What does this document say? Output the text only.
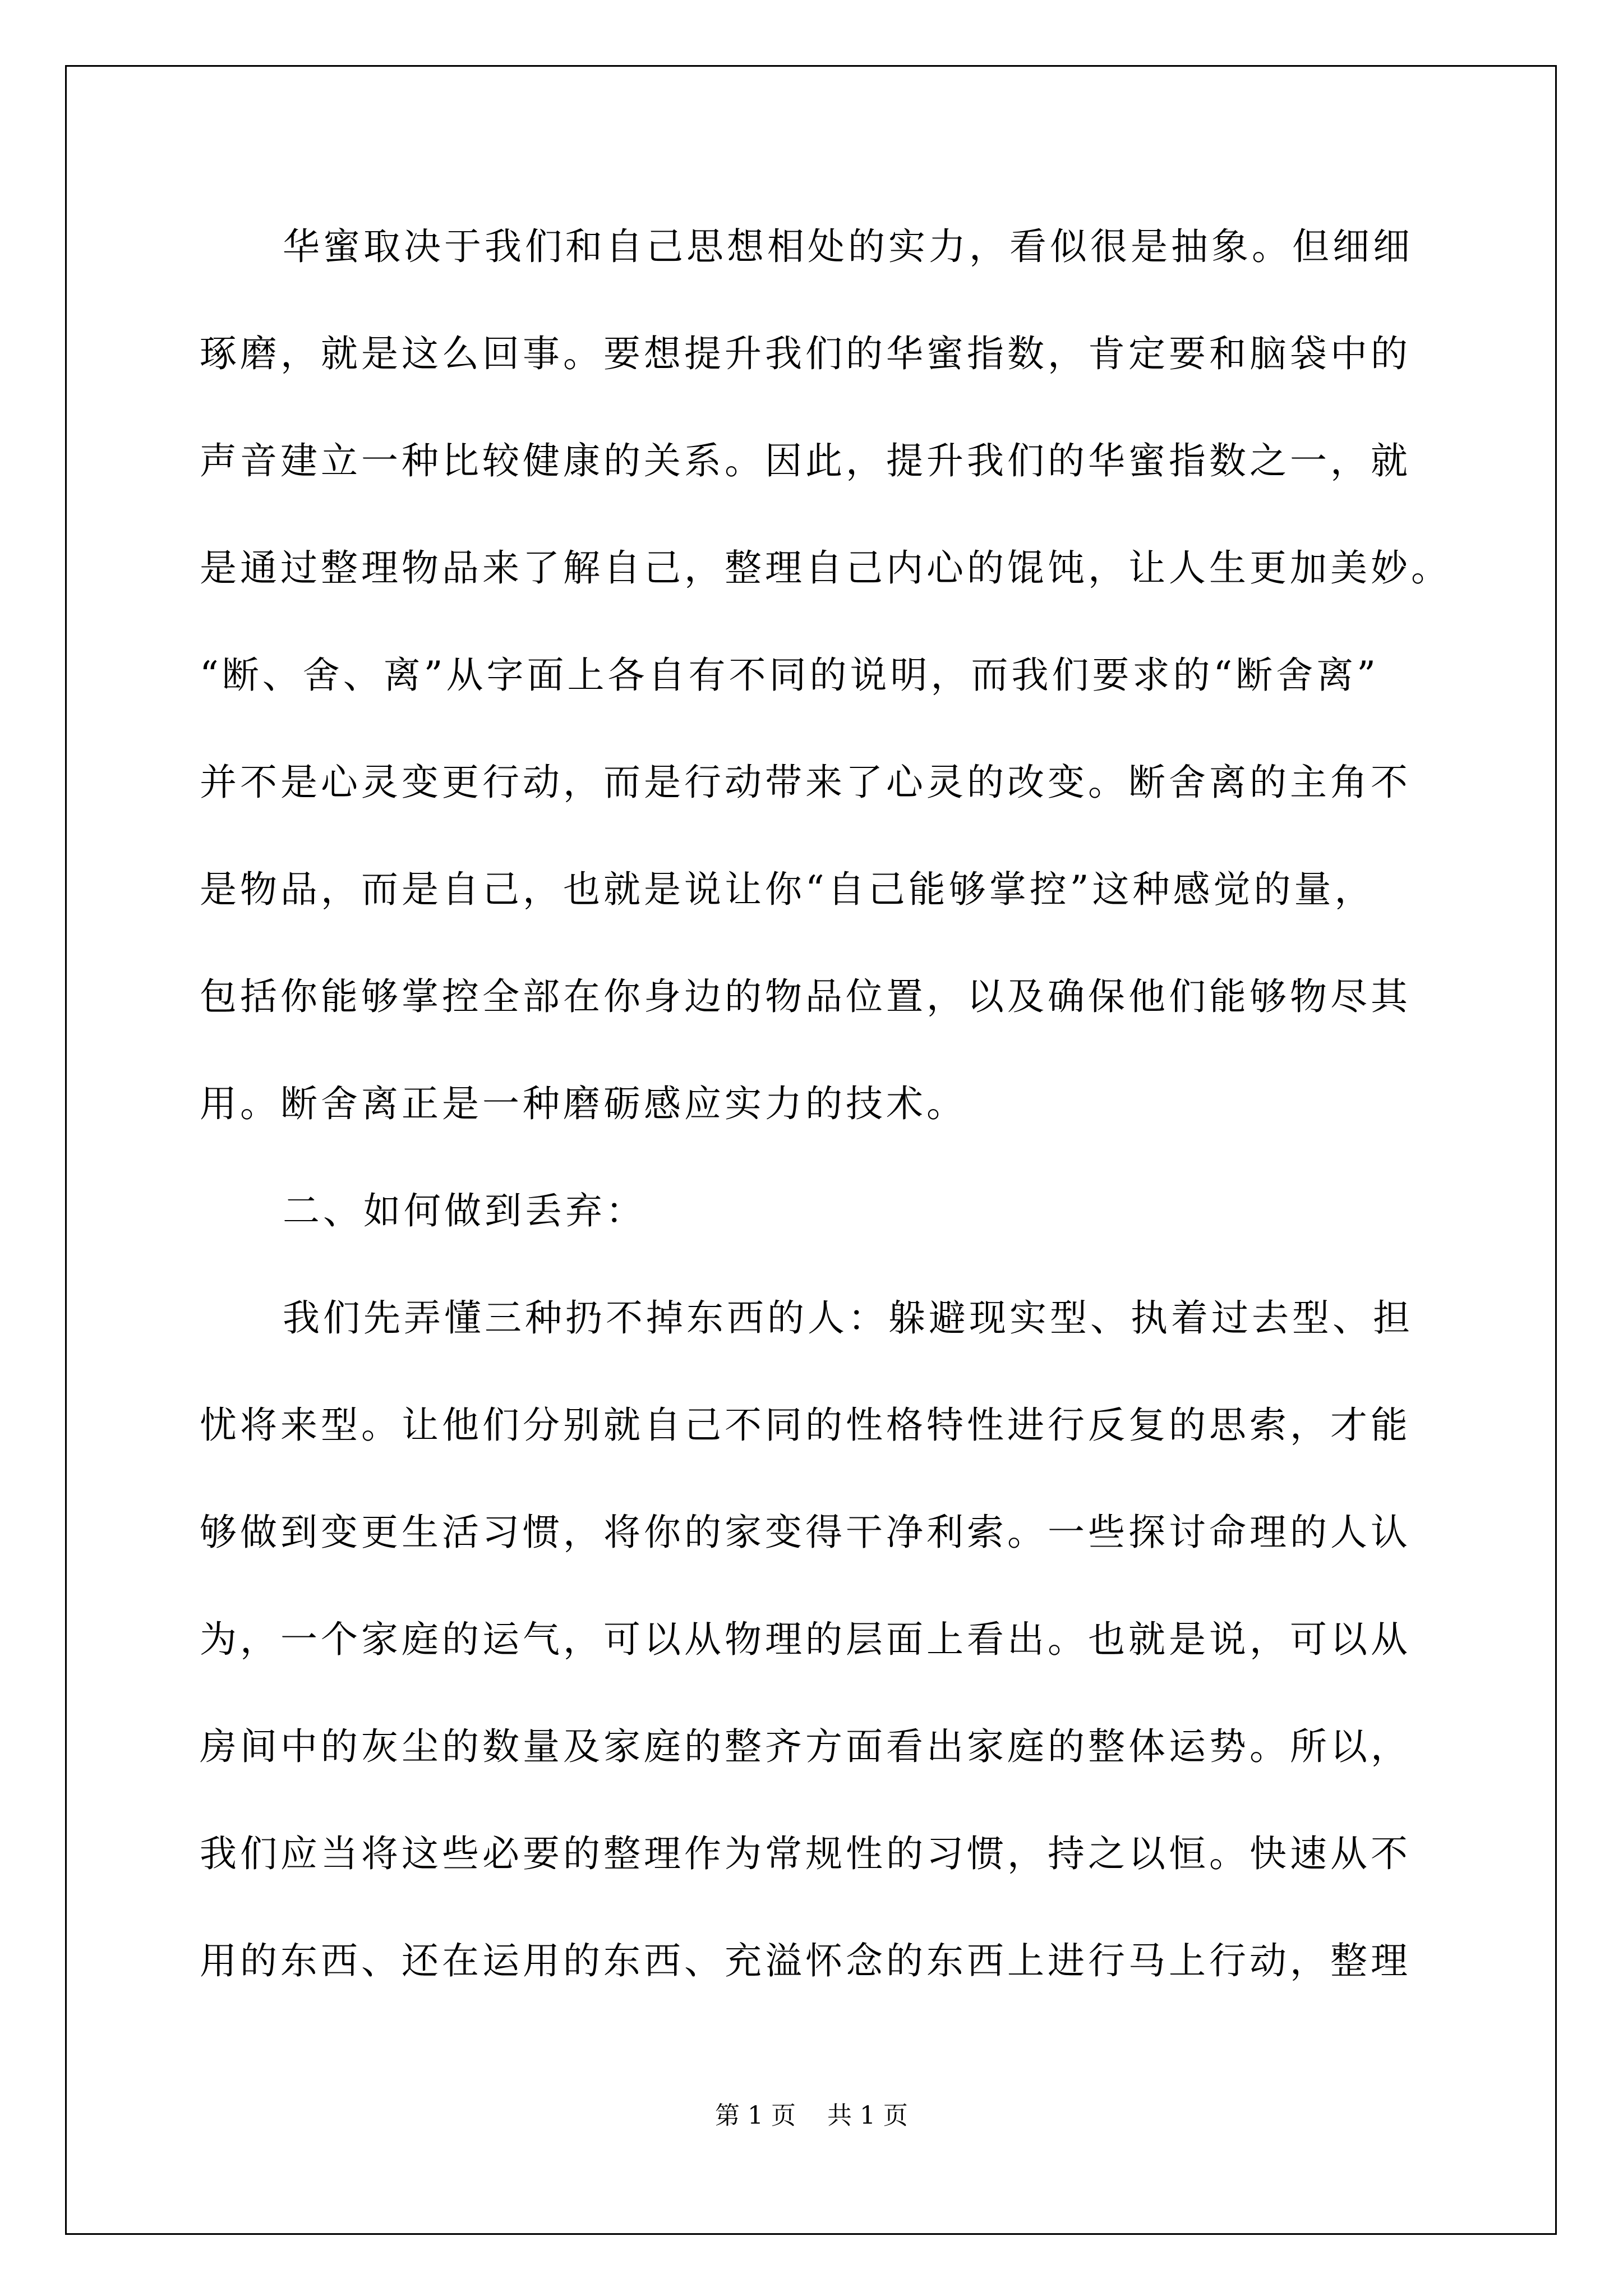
华蜜取决于我们和自己思想相处的实力，看似很是抽象。但细细
琢磨，就是这么回事。要想提升我们的华蜜指数，肯定要和脑袋中的
声音建立一种比较健康的关系。因此，提升我们的华蜜指数之一，就
是通过整理物品来了解自己，整理自己内心的馄饨，让人生更加美妙。
“断、舍、离”从字面上各自有不同的说明，而我们要求的“断舍离”
并不是心灵变更行动，而是行动带来了心灵的改变。断舍离的主角不
是物品，而是自己，也就是说让你“自己能够掌控”这种感觉的量，
包括你能够掌控全部在你身边的物品位置，以及确保他们能够物尽其
用。断舍离正是一种磨砺感应实力的技术。
二、如何做到丢弃：
我们先弄懂三种扔不掉东西的人：躲避现实型、执着过去型、担
忧将来型。让他们分别就自己不同的性格特性进行反复的思索，才能
够做到变更生活习惯，将你的家变得干净利索。一些探讨命理的人认
为，一个家庭的运气，可以从物理的层面上看出。也就是说，可以从
房间中的灰尘的数量及家庭的整齐方面看出家庭的整体运势。所以，
我们应当将这些必要的整理作为常规性的习惯，持之以恒。快速从不
用的东西、还在运用的东西、充溢怀念的东西上进行马上行动，整理
第 1 页    共 1 页
